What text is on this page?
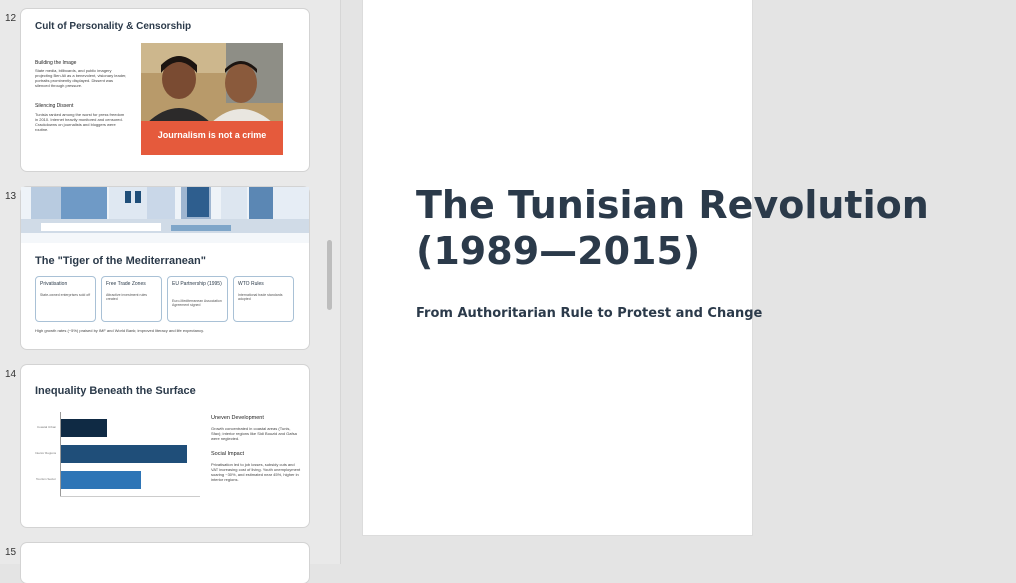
12
Cult of Personality & Censorship
Building the Image
State media, billboards, and public imagery projecting Ben Ali as a benevolent, visionary leader, portraits prominently displayed. Dissent was silenced through pressure.
Silencing Dissent
Tunisia ranked among the worst for press freedom in 2010. Internet heavily monitored and censored. Crackdowns on journalists and bloggers were routine.
Journalism is not a crime
13
The "Tiger of the Mediterranean"
Privatisation
State-owned enterprises sold off
Free Trade Zones
Attractive investment rules created
EU Partnership (1995)
Euro-Mediterranean Association Agreement signed
WTO Rules
International trade standards adopted
High growth rates (~5%) praised by IMF and World Bank; improved literacy and life expectancy.
14
Inequality Beneath the Surface
Coastal Urban
Interior Regions
Tourism Sector
Uneven Development
Growth concentrated in coastal areas (Tunis, Sfax); interior regions like Sidi Bouzid and Gafsa were neglected.
Social Impact
Privatisation led to job losses, subsidy cuts and VAT increasing cost of living. Youth unemployment soaring ~30%, and estimated near 45%, higher in interior regions.
15
The Tunisian Revolution
(1989—2015)
From Authoritarian Rule to Protest and Change
